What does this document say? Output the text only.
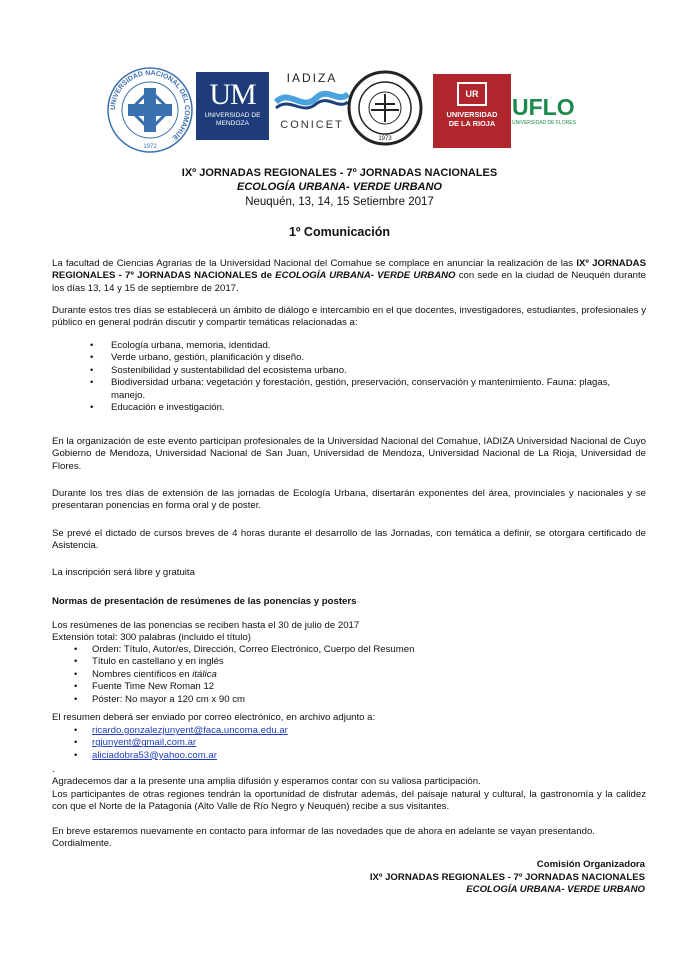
UNIVERSIDAD NACIONAL DEL COMAHUE
1972
UM
UNIVERSIDAD DE MENDOZA
IADIZA
CONICET
1973
UR
UNIVERSIDAD
DE LA RIOJA
UFLO
UNIVERSIDAD DE FLORES
IXº JORNADAS REGIONALES - 7º JORNADAS NACIONALES
ECOLOGÍA URBANA- VERDE URBANO
Neuquén, 13, 14, 15 Setiembre 2017
1º Comunicación
La facultad de Ciencias Agrarias de la Universidad Nacional del Comahue se complace en anunciar la realización de las IXº JORNADAS REGIONALES - 7º JORNADAS NACIONALES de ECOLOGÍA URBANA- VERDE URBANO con sede en la ciudad de Neuquén durante los días 13, 14 y 15 de septiembre de 2017.
Durante estos tres días se establecerá un ámbito de diálogo e intercambio en el que docentes, investigadores, estudiantes, profesionales y público en general podrán discutir y compartir temáticas relacionadas a:
• Ecología urbana, memoria, identidad.
• Verde urbano, gestión, planificación y diseño.
• Sostenibilidad y sustentabilidad del ecosistema urbano.
• Biodiversidad urbana: vegetación y forestación, gestión, preservación, conservación y mantenimiento. Fauna: plagas, manejo.
• Educación e investigación.
En la organización de este evento participan profesionales de la Universidad Nacional del Comahue, IADIZA Universidad Nacional de Cuyo Gobierno de Mendoza, Universidad Nacional de San Juan, Universidad de Mendoza, Universidad Nacional de La Rioja, Universidad de Flores.
Durante los tres días de extensión de las jornadas de Ecología Urbana, disertarán exponentes del área, provinciales y nacionales y se presentaran ponencias en forma oral y de poster.
Se prevé el dictado de cursos breves de 4 horas durante el desarrollo de las Jornadas, con temática a definir, se otorgara certificado de Asistencia.
La inscripción será libre y gratuita
Normas de presentación de resúmenes de las ponencias y posters
Los resúmenes de las ponencias se reciben hasta el 30 de julio de 2017
Extensión total: 300 palabras (incluido el título)
• Orden: Título, Autor/es, Dirección, Correo Electrónico, Cuerpo del Resumen
• Título en castellano y en inglés
• Nombres científicos en itálica
• Fuente Time New Roman 12
• Póster: No mayor a 120 cm x 90 cm
El resumen deberá ser enviado por correo electrónico, en archivo adjunto a:
• ricardo.gonzalezjunyent@faca.uncoma.edu.ar
• rgjunyent@gmail.com.ar
• aliciadobra53@yahoo.com.ar
.
Agradecemos dar a la presente una amplia difusión y esperamos contar con su valiosa participación.
Los participantes de otras regiones tendrán la oportunidad de disfrutar además, del paisaje natural y cultural, la gastronomía y la calidez con que el Norte de la Patagonia (Alto Valle de Río Negro y Neuquén) recibe a sus visitantes.
En breve estaremos nuevamente en contacto para informar de las novedades que de ahora en adelante se vayan presentando.
Cordialmente.
Comisión Organizadora
IXº JORNADAS REGIONALES - 7º JORNADAS NACIONALES
ECOLOGÍA URBANA- VERDE URBANO
